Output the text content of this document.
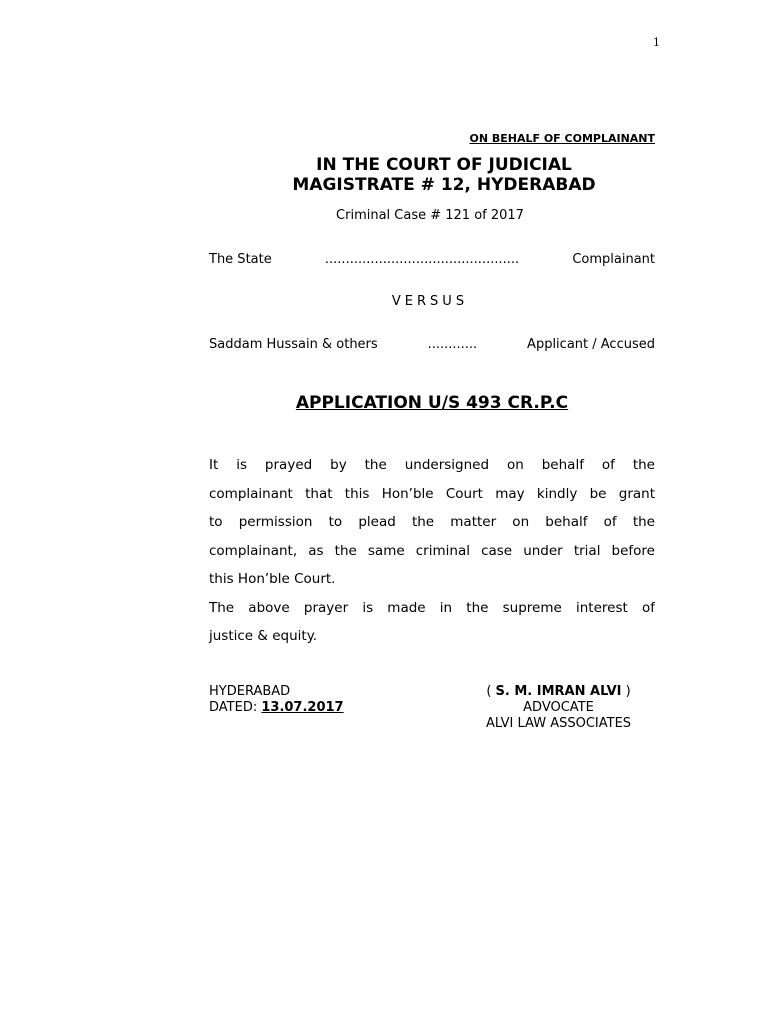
1
ON BEHALF OF COMPLAINANT
IN THE COURT OF JUDICIAL
MAGISTRATE # 12, HYDERABAD
Criminal Case # 121 of 2017
The State	...............................................	Complainant
VERSUS
Saddam Hussain & others	............	Applicant / Accused
APPLICATION U/S 493 CR.P.C
It is prayed by the undersigned on behalf of the
complainant that this Hon’ble Court may kindly be grant
to permission to plead the matter on behalf of the
complainant, as the same criminal case under trial before
this Hon’ble Court.
The above prayer is made in the supreme interest of
justice & equity.
HYDERABAD
DATED: 13.07.2017
( S. M. IMRAN ALVI )
ADVOCATE
ALVI LAW ASSOCIATES
